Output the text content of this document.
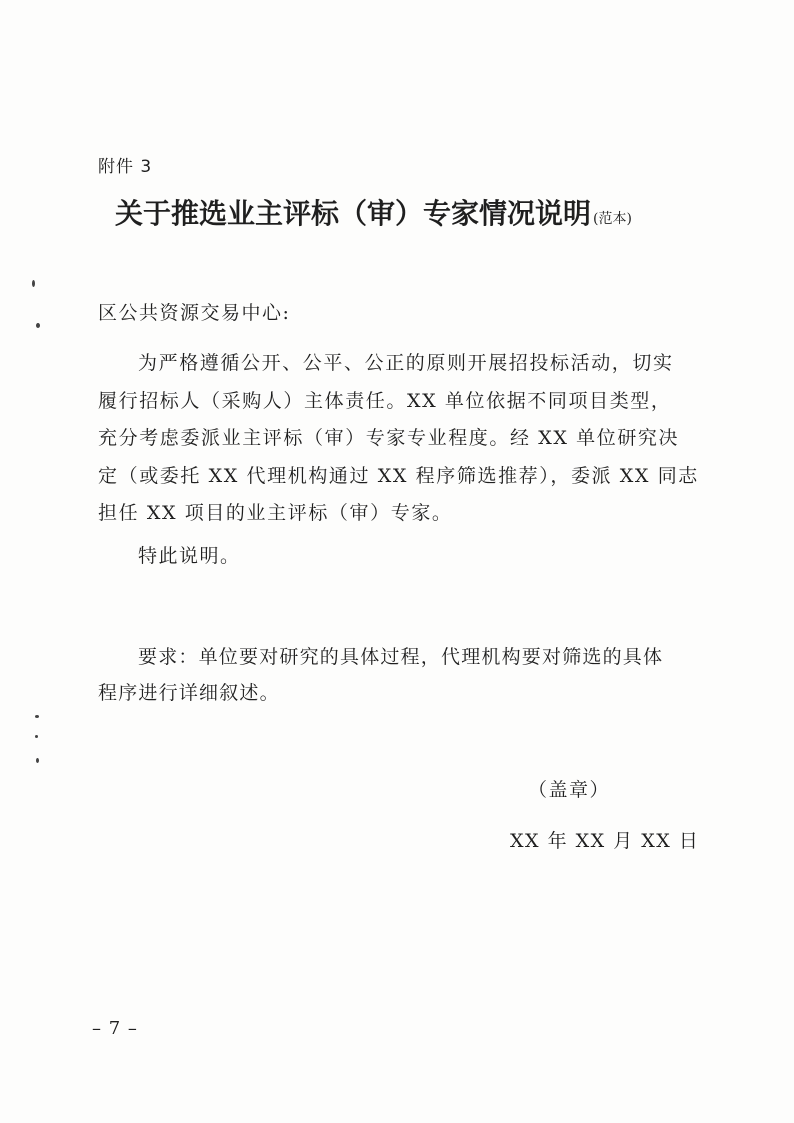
附件 3
关于推选业主评标（审）专家情况说明 (范本)
区公共资源交易中心:
为严格遵循公开、公平、公正的原则开展招投标活动，切实
履行招标人（采购人）主体责任。XX 单位依据不同项目类型，
充分考虑委派业主评标（审）专家专业程度。经 XX 单位研究决
定（或委托 XX 代理机构通过 XX 程序筛选推荐），委派 XX 同志
担任 XX 项目的业主评标（审）专家。
特此说明。
要求：单位要对研究的具体过程，代理机构要对筛选的具体
程序进行详细叙述。
（盖章）
XX 年 XX 月 XX 日
– 7 –
